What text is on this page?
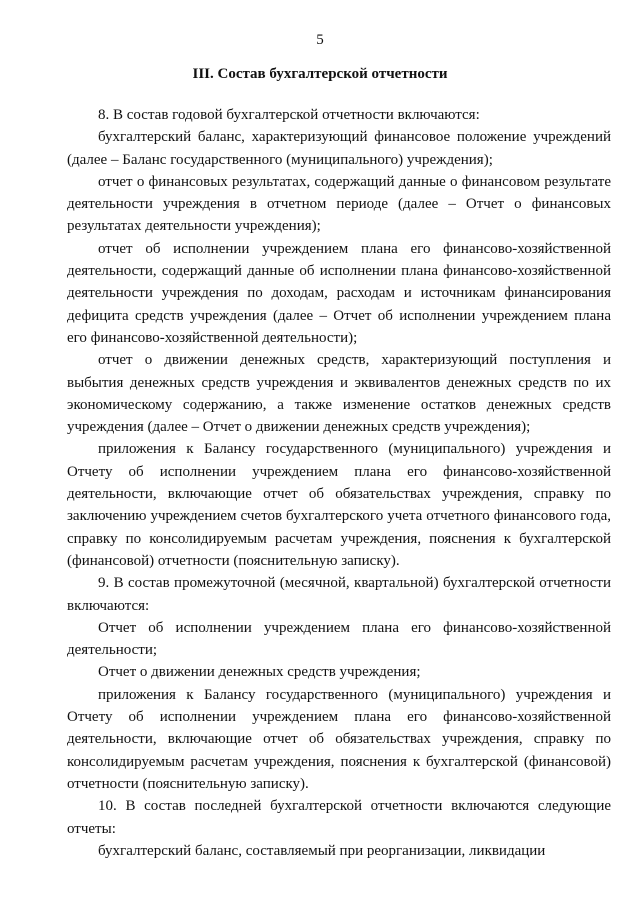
5
III. Состав бухгалтерской отчетности

8. В состав годовой бухгалтерской отчетности включаются:

бухгалтерский баланс, характеризующий финансовое положение учреждений (далее – Баланс государственного (муниципального) учреждения);

отчет о финансовых результатах, содержащий данные о финансовом результате деятельности учреждения в отчетном периоде (далее – Отчет о финансовых результатах деятельности учреждения);

отчет об исполнении учреждением плана его финансово-хозяйственной деятельности, содержащий данные об исполнении плана финансово-хозяйственной деятельности учреждения по доходам, расходам и источникам финансирования дефицита средств учреждения (далее – Отчет об исполнении учреждением плана его финансово-хозяйственной деятельности);

отчет о движении денежных средств, характеризующий поступления и выбытия денежных средств учреждения и эквивалентов денежных средств по их экономическому содержанию, а также изменение остатков денежных средств учреждения (далее – Отчет о движении денежных средств учреждения);

приложения к Балансу государственного (муниципального) учреждения и Отчету об исполнении учреждением плана его финансово-хозяйственной деятельности, включающие отчет об обязательствах учреждения, справку по заключению учреждением счетов бухгалтерского учета отчетного финансового года, справку по консолидируемым расчетам учреждения, пояснения к бухгалтерской (финансовой) отчетности (пояснительную записку).

9. В состав промежуточной (месячной, квартальной) бухгалтерской отчетности включаются:

Отчет об исполнении учреждением плана его финансово-хозяйственной деятельности;

Отчет о движении денежных средств учреждения;

приложения к Балансу государственного (муниципального) учреждения и Отчету об исполнении учреждением плана его финансово-хозяйственной деятельности, включающие отчет об обязательствах учреждения, справку по консолидируемым расчетам учреждения, пояснения к бухгалтерской (финансовой) отчетности (пояснительную записку).

10. В состав последней бухгалтерской отчетности включаются следующие отчеты:

бухгалтерский баланс, составляемый при реорганизации, ликвидации
